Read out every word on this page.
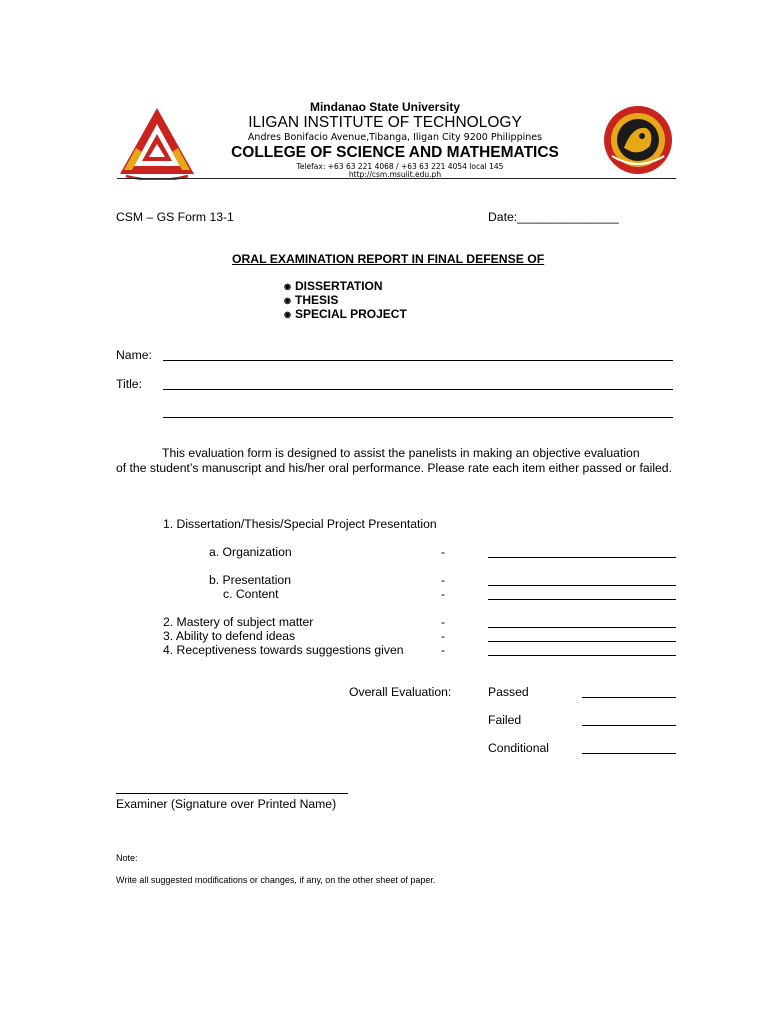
Mindanao State University
ILIGAN INSTITUTE OF TECHNOLOGY
Andres Bonifacio Avenue,Tibanga, Iligan City 9200 Philippines
COLLEGE OF SCIENCE AND MATHEMATICS
Telefax: +63 63 221 4068 / +63 63 221 4054 local 145
http://csm.msuiit.edu.ph
CSM – GS Form 13-1	Date:_______________
ORAL EXAMINATION REPORT IN FINAL DEFENSE OF
◉ DISSERTATION
◉ THESIS
◉ SPECIAL PROJECT
Name:
Title:
This evaluation form is designed to assist the panelists in making an objective evaluation
of the student’s manuscript and his/her oral performance. Please rate each item either passed or failed.
1. Dissertation/Thesis/Special Project Presentation
a. Organization	-
b. Presentation	-
c. Content	-
2. Mastery of subject matter	-
3. Ability to defend ideas	-
4. Receptiveness towards suggestions given	-
Overall Evaluation:	Passed
Failed
Conditional
Examiner (Signature over Printed Name)
Note:
Write all suggested modifications or changes, if any, on the other sheet of paper.
